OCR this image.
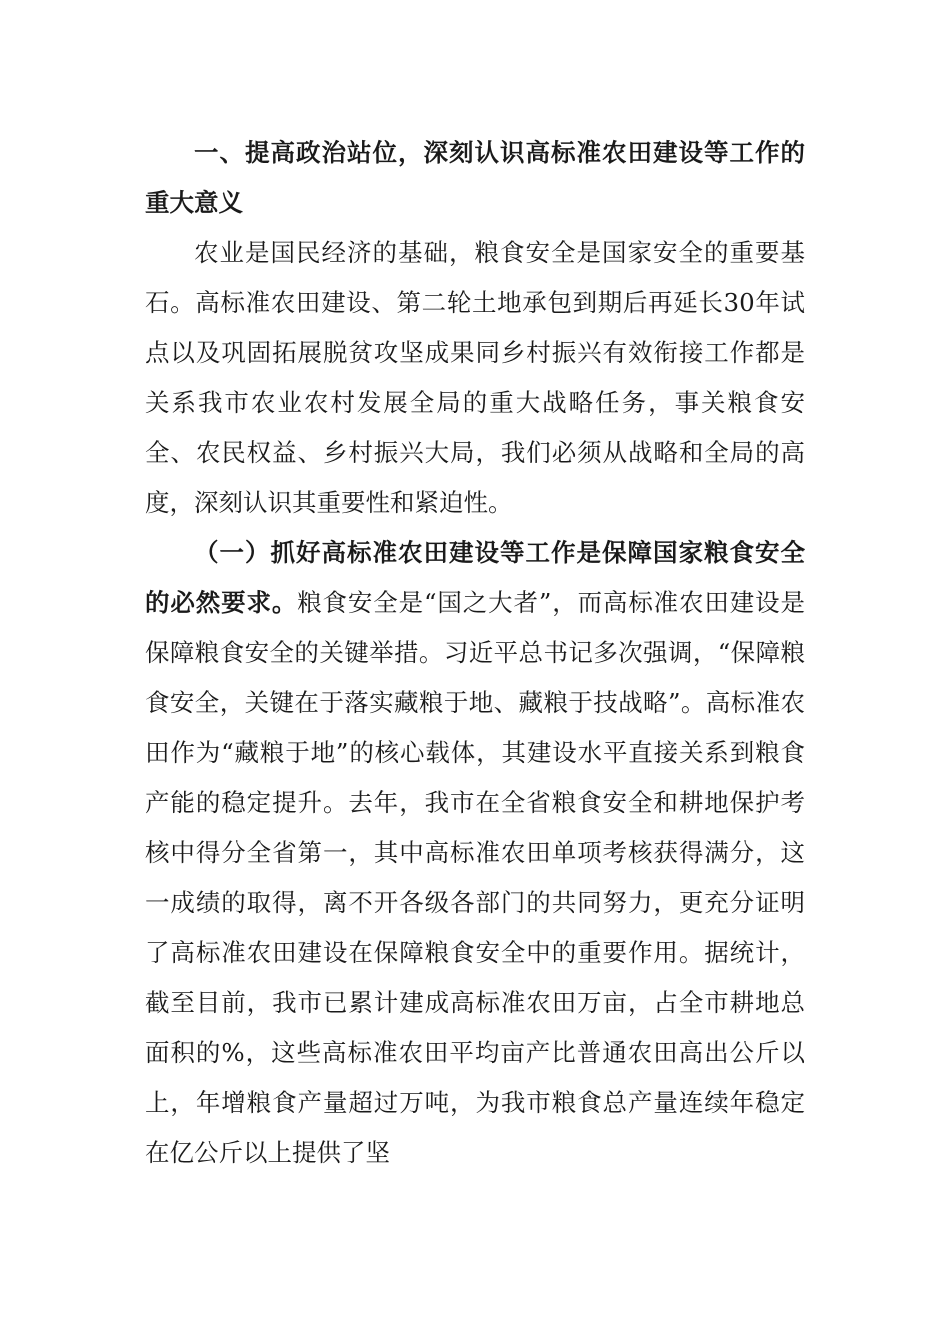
一、提高政治站位，深刻认识高标准农田建设等工作的重大意义

农业是国民经济的基础，粮食安全是国家安全的重要基石。高标准农田建设、第二轮土地承包到期后再延长30年试点以及巩固拓展脱贫攻坚成果同乡村振兴有效衔接工作都是关系我市农业农村发展全局的重大战略任务，事关粮食安全、农民权益、乡村振兴大局，我们必须从战略和全局的高度，深刻认识其重要性和紧迫性。

（一）抓好高标准农田建设等工作是保障国家粮食安全的必然要求。粮食安全是“国之大者”，而高标准农田建设是保障粮食安全的关键举措。习近平总书记多次强调，“保障粮食安全，关键在于落实藏粮于地、藏粮于技战略”。高标准农田作为“藏粮于地”的核心载体，其建设水平直接关系到粮食产能的稳定提升。去年，我市在全省粮食安全和耕地保护考核中得分全省第一，其中高标准农田单项考核获得满分，这一成绩的取得，离不开各级各部门的共同努力，更充分证明了高标准农田建设在保障粮食安全中的重要作用。据统计，截至目前，我市已累计建成高标准农田万亩，占全市耕地总面积的%，这些高标准农田平均亩产比普通农田高出公斤以上，年增粮食产量超过万吨，为我市粮食总产量连续年稳定在亿公斤以上提供了坚
